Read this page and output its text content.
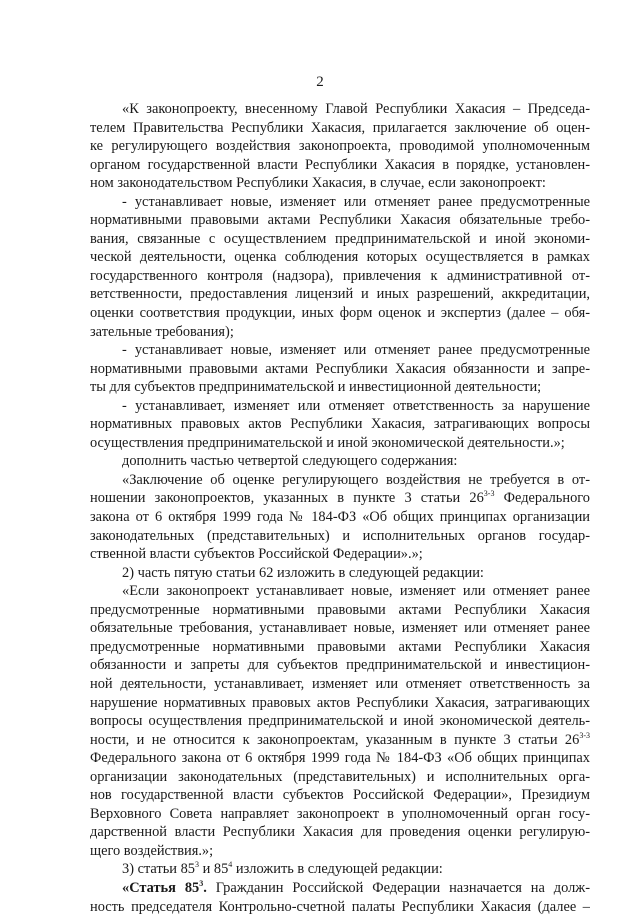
2
«К законопроекту, внесенному Главой Республики Хакасия – Председа-
телем Правительства Республики Хакасия, прилагается заключение об оцен-
ке регулирующего воздействия законопроекта, проводимой уполномоченным
органом государственной власти Республики Хакасия в порядке, установлен-
ном законодательством Республики Хакасия, в случае, если законопроект:
- устанавливает новые, изменяет или отменяет ранее предусмотренные
нормативными правовыми актами Республики Хакасия обязательные требо-
вания, связанные с осуществлением предпринимательской и иной экономи-
ческой деятельности, оценка соблюдения которых осуществляется в рамках
государственного контроля (надзора), привлечения к административной от-
ветственности, предоставления лицензий и иных разрешений, аккредитации,
оценки соответствия продукции, иных форм оценок и экспертиз (далее – обя-
зательные требования);
- устанавливает новые, изменяет или отменяет ранее предусмотренные
нормативными правовыми актами Республики Хакасия обязанности и запре-
ты для субъектов предпринимательской и инвестиционной деятельности;
- устанавливает, изменяет или отменяет ответственность за нарушение
нормативных правовых актов Республики Хакасия, затрагивающих вопросы
осуществления предпринимательской и иной экономической деятельности.»;
дополнить частью четвертой следующего содержания:
«Заключение об оценке регулирующего воздействия не требуется в от-
ношении законопроектов, указанных в пункте 3 статьи 26$^{3-3}$ Федерального
закона от 6 октября 1999 года № 184-ФЗ «Об общих принципах организации
законодательных (представительных) и исполнительных органов государ-
ственной власти субъектов Российской Федерации».»;
2) часть пятую статьи 62 изложить в следующей редакции:
«Если законопроект устанавливает новые, изменяет или отменяет ранее
предусмотренные нормативными правовыми актами Республики Хакасия
обязательные требования, устанавливает новые, изменяет или отменяет ранее
предусмотренные нормативными правовыми актами Республики Хакасия
обязанности и запреты для субъектов предпринимательской и инвестицион-
ной деятельности, устанавливает, изменяет или отменяет ответственность за
нарушение нормативных правовых актов Республики Хакасия, затрагивающих
вопросы осуществления предпринимательской и иной экономической деятель-
ности, и не относится к законопроектам, указанным в пункте 3 статьи 26$^{3-3}$
Федерального закона от 6 октября 1999 года № 184-ФЗ «Об общих принципах
организации законодательных (представительных) и исполнительных орга-
нов государственной власти субъектов Российской Федерации», Президиум
Верховного Совета направляет законопроект в уполномоченный орган госу-
дарственной власти Республики Хакасия для проведения оценки регулирую-
щего воздействия.»;
3) статьи $85^3$ и $85^4$ изложить в следующей редакции:
«Статья $85^3$. Гражданин Российской Федерации назначается на долж-
ность председателя Контрольно-счетной палаты Республики Хакасия (далее –
